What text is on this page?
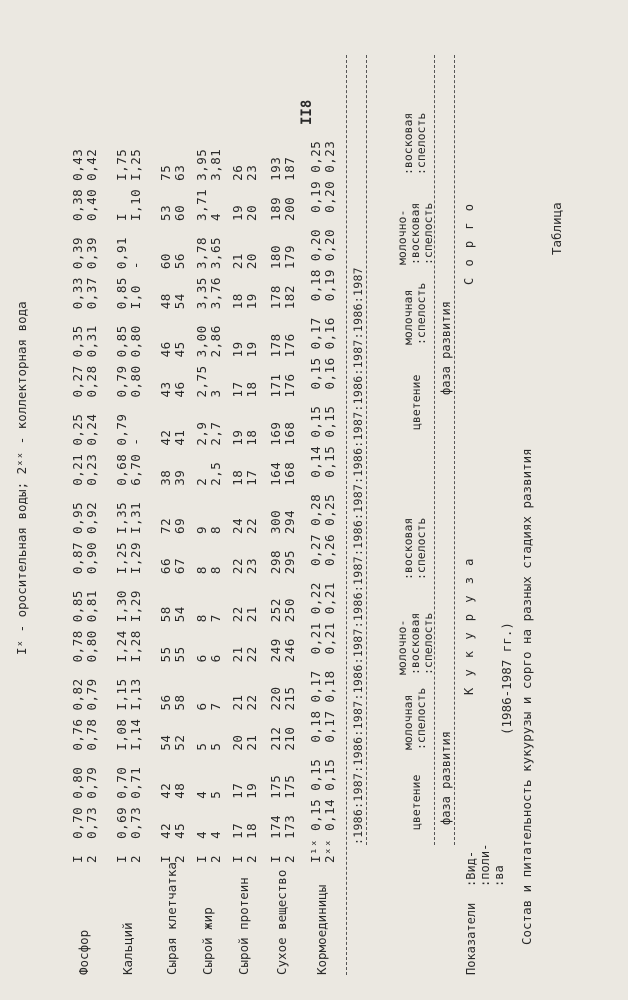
II8
Таблица
Состав и питательность кукурузы и сорго на разных стадиях развития
(1986-1987 гг.)
Показатели
:Вид- :поли- :ва
К у к у р у з а
С о р г о
фаза развития
фаза развития
цветение
молочная :спелость
молочно- :восковая :спелость
:восковая :спелость
цветение
молочная :спелость
молочно- :восковая :спелость
:восковая :спелость
:1986:1987:1986:1987:1986:1987:1986:1987:1986:1987:1986:1987:1986:1987:1986:1987
Кормоединицы
I¹ˣ 0,15 0,15  0,18 0,17  0,21 0,22  0,27 0,28  0,14 0,15  0,15 0,17  0,18 0,20  0,19 0,25 2ˣˣ 0,14 0,15  0,17 0,18  0,21 0,21  0,26 0,25  0,15 0,15  0,16 0,16  0,19 0,20  0,20 0,23
Сухое вещество
I  174  175   212  220   249  252   298  300   164  169   171  178   178  180   189  193 2  173  175   210  215   246  250   295  294   168  168   176  176   182  179   200  187
Сырой протеин
I  17   17    20   21    21   22    22   24    18   19    17   19    18   21    19   26 2  18   19    21   22    22   21    23   22    17   18    18   19    19   20    20   23
Сырой жир
I  4    4     5    6     6    8     8    9     2    2,9   2,75 3,00  3,35 3,78  3,71 3,95 2  4    5     5    7     6    7     8    8     2,5  2,7   3    2,86  3,76 3,65  4    3,81
Сырая клетчатка
I  42   42    54   56    55   58    66   72    38   42    43   46    48   60    53   75 2  45   48    52   58    55   54    67   69    39   41    46   45    54   56    60   63
Кальций
I  0,69 0,70  I,08 I,15  I,24 I,30  I,25 I,35  0,68 0,79  0,79 0,85  0,85 0,91  I    I,75 2  0,73 0,71  I,14 I,13  I,28 I,29  I,29 I,31  6,70 -     0,80 0,80  I,0  -     I,10 I,25
Фосфор
I  0,70 0,80  0,76 0,82  0,78 0,85  0,87 0,95  0,21 0,25  0,27 0,35  0,33 0,39  0,38 0,43 2  0,73 0,79  0,78 0,79  0,80 0,81  0,90 0,92  0,23 0,24  0,28 0,31  0,37 0,39  0,40 0,42
Iˣ - оросительная воды; 2ˣˣ - коллекторная вода
